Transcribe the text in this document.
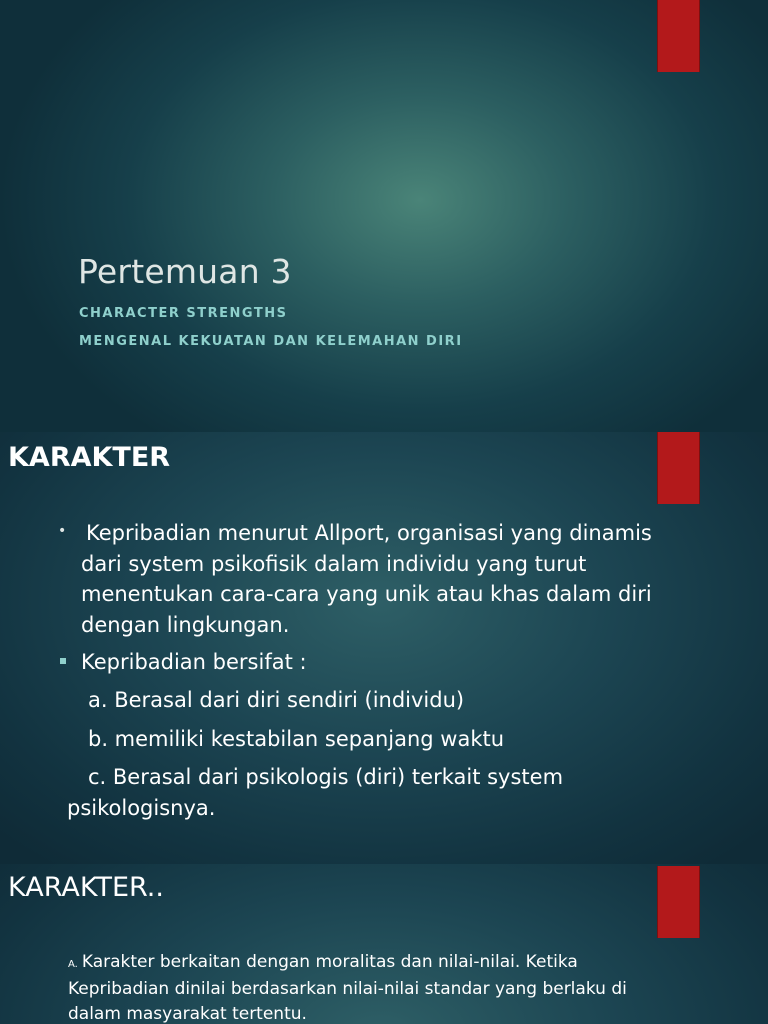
Pertemuan 3
CHARACTER STRENGTHS
MENGENAL KEKUATAN DAN KELEMAHAN DIRI
KARAKTER
• Kepribadian menurut Allport, organisasi yang dinamis dari system psikofisik dalam individu yang turut menentukan cara-cara yang unik atau khas dalam diri dengan lingkungan.
Kepribadian bersifat :
a. Berasal dari diri sendiri (individu)
b. memiliki kestabilan sepanjang waktu
c. Berasal dari psikologis (diri) terkait system
psikologisnya.
KARAKTER..
A. Karakter berkaitan dengan moralitas dan nilai-nilai. Ketika Kepribadian dinilai berdasarkan nilai-nilai standar yang berlaku di dalam masyarakat tertentu.
